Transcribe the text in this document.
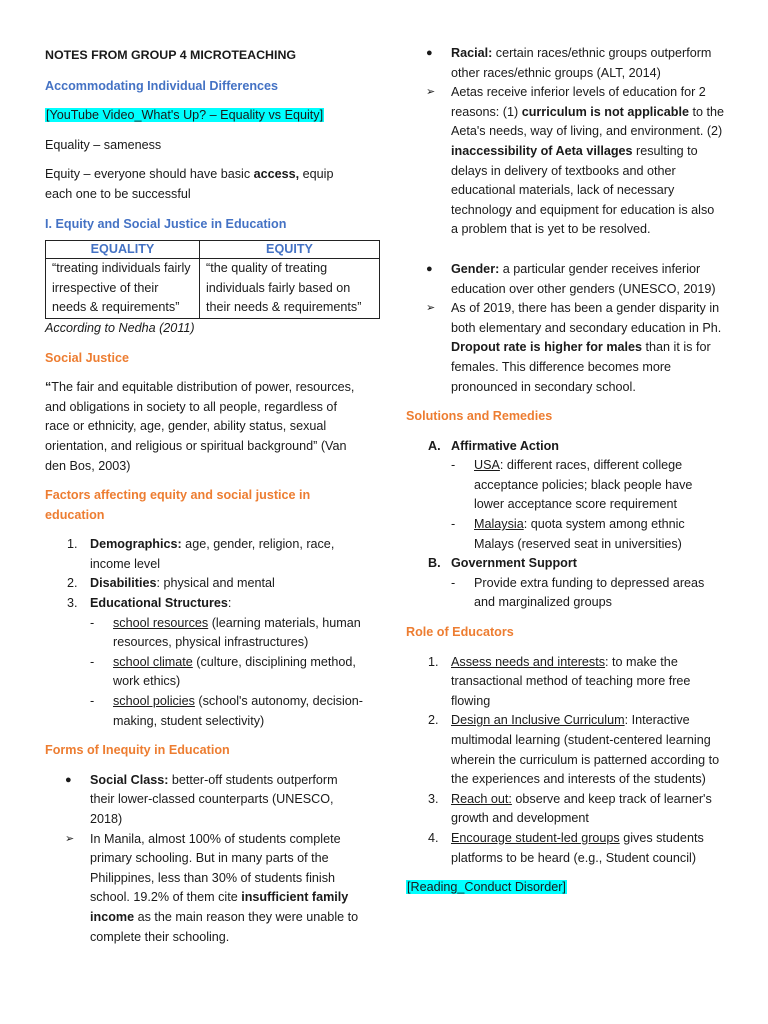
NOTES FROM GROUP 4 MICROTEACHING

Accommodating Individual Differences

[YouTube Video_What's Up? – Equality vs Equity]

Equality – sameness

Equity – everyone should have basic access, equip each one to be successful

I. Equity and Social Justice in Education

EQUALITY	EQUITY
“treating individuals fairly irrespective of their needs & requirements”	“the quality of treating individuals fairly based on their needs & requirements”

According to Nedha (2011)

Social Justice

“The fair and equitable distribution of power, resources, and obligations in society to all people, regardless of race or ethnicity, age, gender, ability status, sexual orientation, and religious or spiritual background” (Van den Bos, 2003)

Factors affecting equity and social justice in education

1. Demographics: age, gender, religion, race, income level
2. Disabilities: physical and mental
3. Educational Structures:
- school resources (learning materials, human resources, physical infrastructures)
- school climate (culture, disciplining method, work ethics)
- school policies (school's autonomy, decision-making, student selectivity)

Forms of Inequity in Education

● Social Class: better-off students outperform their lower-classed counterparts (UNESCO, 2018)
➢ In Manila, almost 100% of students complete primary schooling. But in many parts of the Philippines, less than 30% of students finish school. 19.2% of them cite insufficient family income as the main reason they were unable to complete their schooling.
● Racial: certain races/ethnic groups outperform other races/ethnic groups (ALT, 2014)
➢ Aetas receive inferior levels of education for 2 reasons: (1) curriculum is not applicable to the Aeta's needs, way of living, and environment. (2) inaccessibility of Aeta villages resulting to delays in delivery of textbooks and other educational materials, lack of necessary technology and equipment for education is also a problem that is yet to be resolved.
● Gender: a particular gender receives inferior education over other genders (UNESCO, 2019)
➢ As of 2019, there has been a gender disparity in both elementary and secondary education in Ph. Dropout rate is higher for males than it is for females. This difference becomes more pronounced in secondary school.

Solutions and Remedies

A. Affirmative Action
- USA: different races, different college acceptance policies; black people have lower acceptance score requirement
- Malaysia: quota system among ethnic Malays (reserved seat in universities)
B. Government Support
- Provide extra funding to depressed areas and marginalized groups

Role of Educators

1. Assess needs and interests: to make the transactional method of teaching more free flowing
2. Design an Inclusive Curriculum: Interactive multimodal learning (student-centered learning wherein the curriculum is patterned according to the experiences and interests of the students)
3. Reach out: observe and keep track of learner's growth and development
4. Encourage student-led groups gives students platforms to be heard (e.g., Student council)

[Reading_Conduct Disorder]
